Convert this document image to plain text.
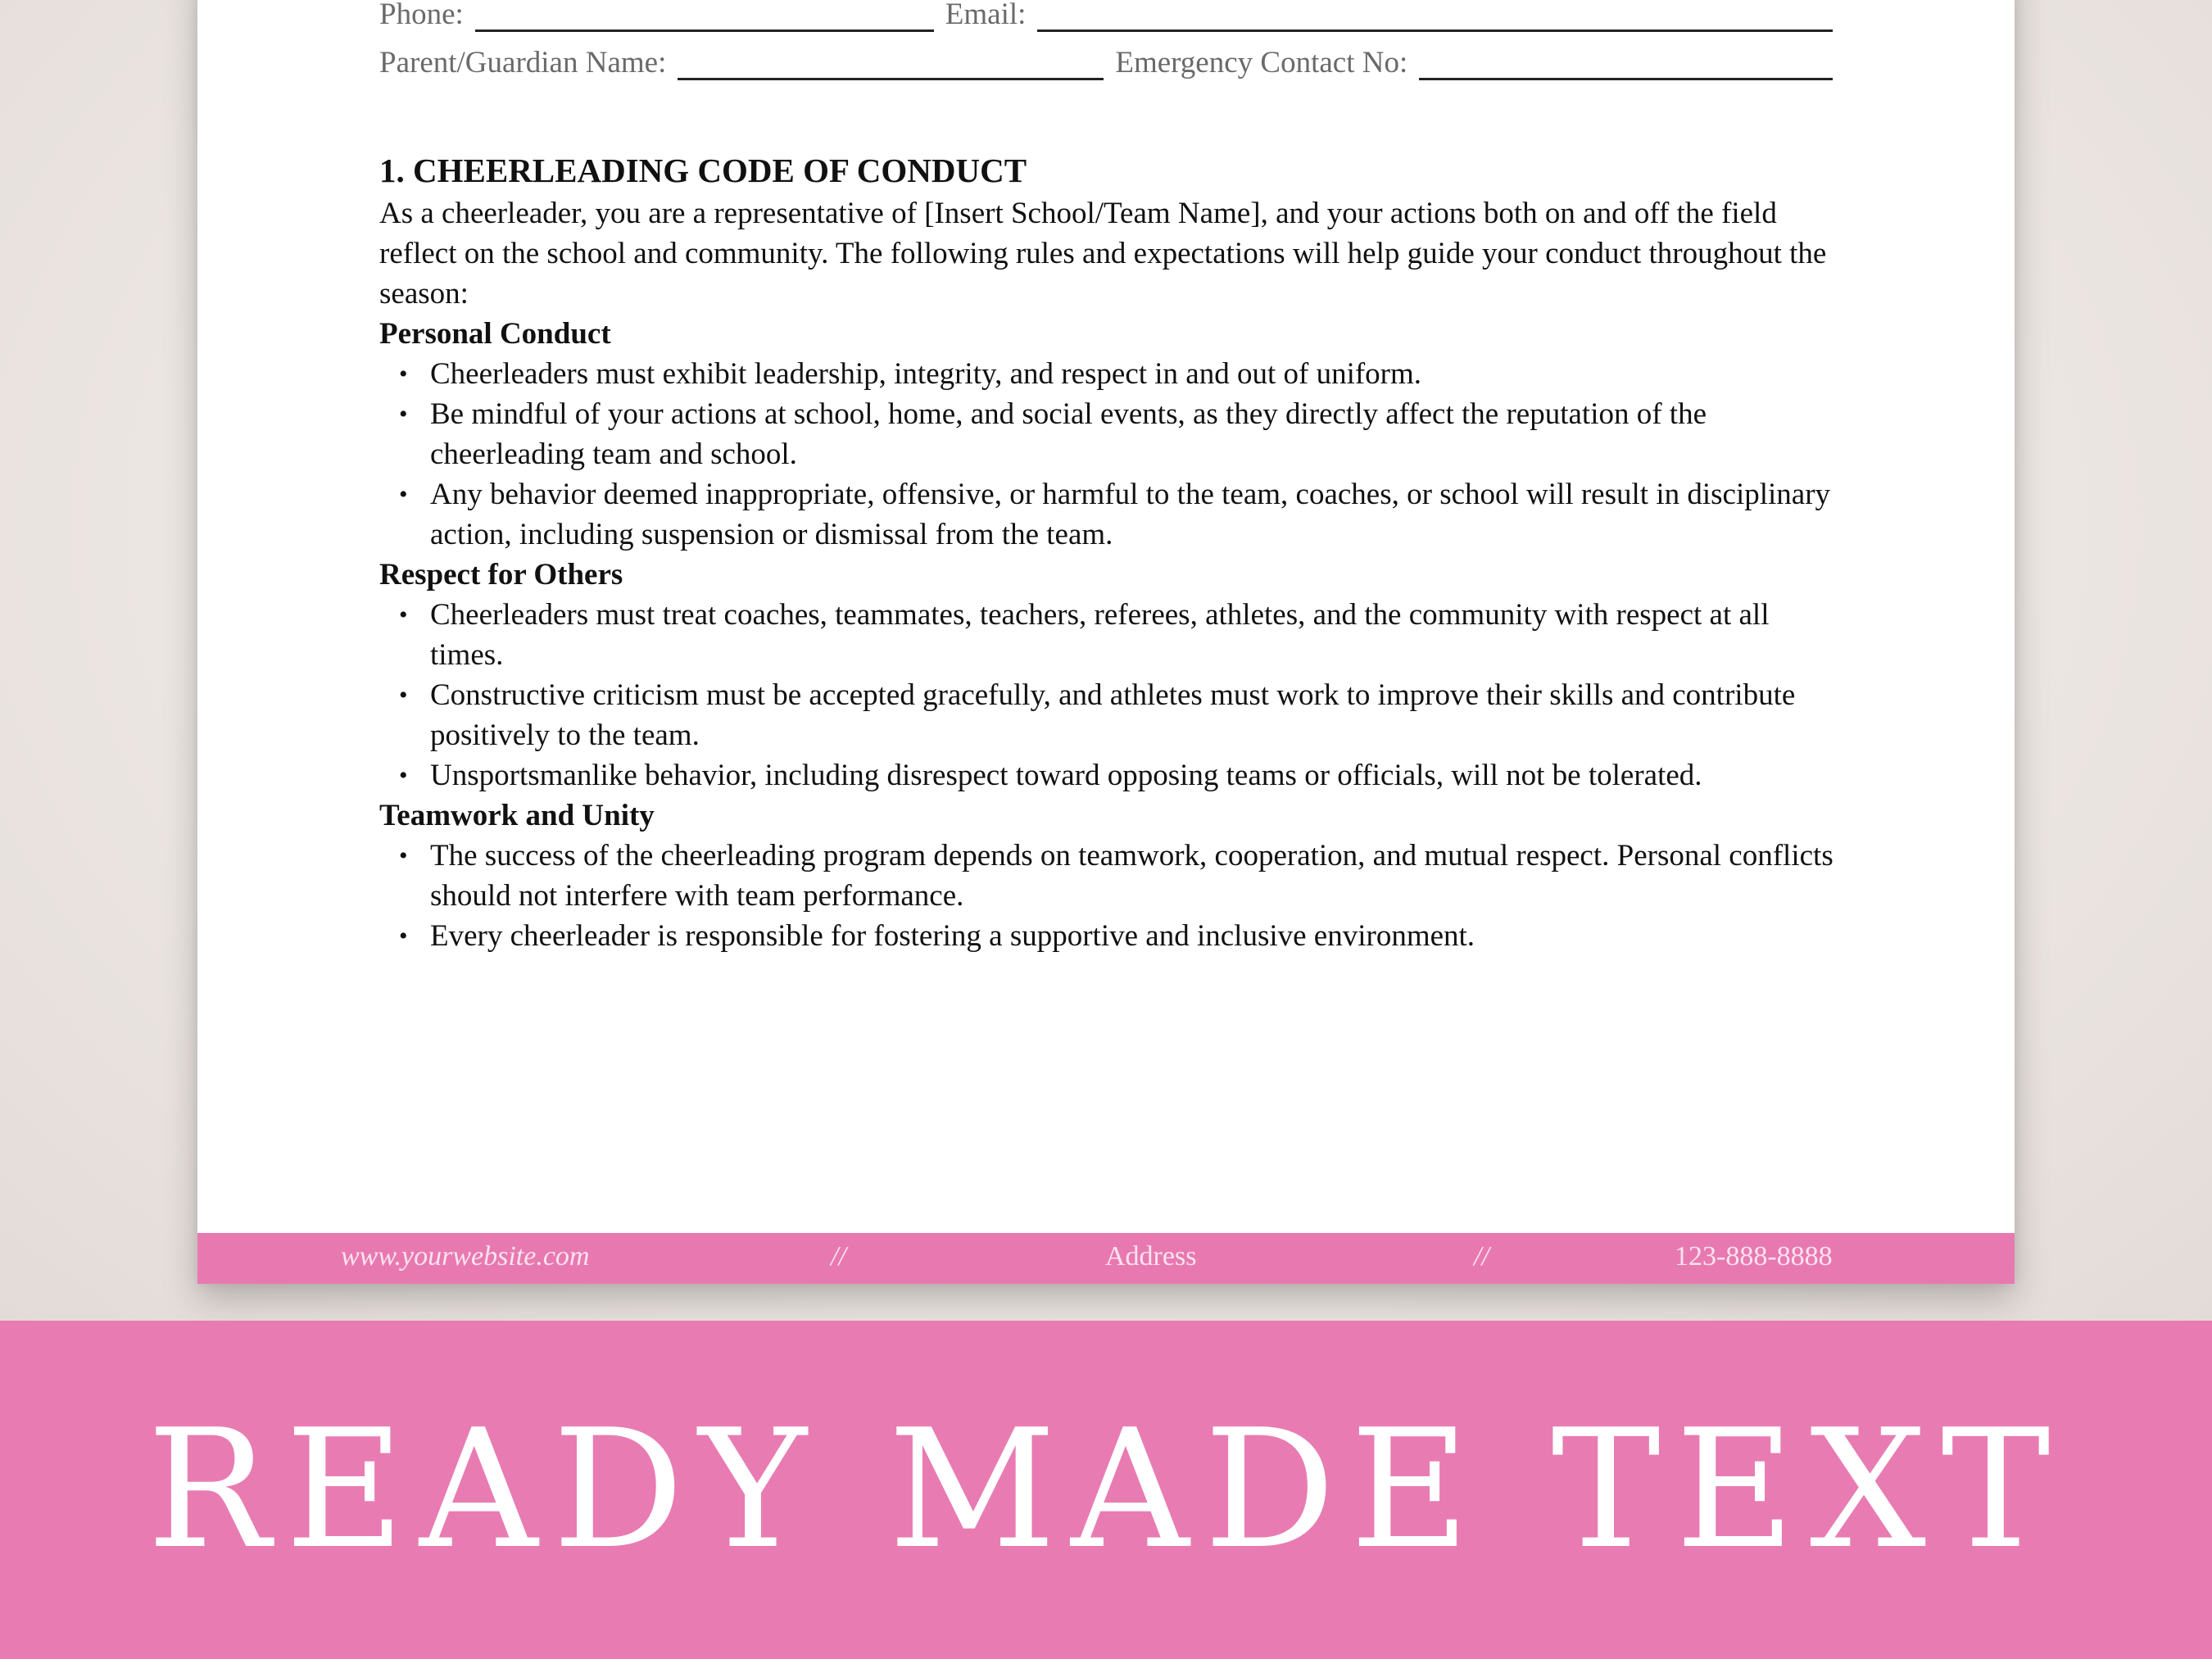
Phone:	Email:
Parent/Guardian Name:	Emergency Contact No:
1. CHEERLEADING CODE OF CONDUCT

As a cheerleader, you are a representative of [Insert School/Team Name], and your actions both on and off the field reflect on the school and community. The following rules and expectations will help guide your conduct throughout the season:

Personal Conduct
• Cheerleaders must exhibit leadership, integrity, and respect in and out of uniform.
• Be mindful of your actions at school, home, and social events, as they directly affect the reputation of the cheerleading team and school.
• Any behavior deemed inappropriate, offensive, or harmful to the team, coaches, or school will result in disciplinary action, including suspension or dismissal from the team.
Respect for Others
• Cheerleaders must treat coaches, teammates, teachers, referees, athletes, and the community with respect at all times.
• Constructive criticism must be accepted gracefully, and athletes must work to improve their skills and contribute positively to the team.
• Unsportsmanlike behavior, including disrespect toward opposing teams or officials, will not be tolerated.
Teamwork and Unity
• The success of the cheerleading program depends on teamwork, cooperation, and mutual respect. Personal conflicts should not interfere with team performance.
• Every cheerleader is responsible for fostering a supportive and inclusive environment.
www.yourwebsite.com	//	Address	//	123-888-8888
READY MADE TEXT
